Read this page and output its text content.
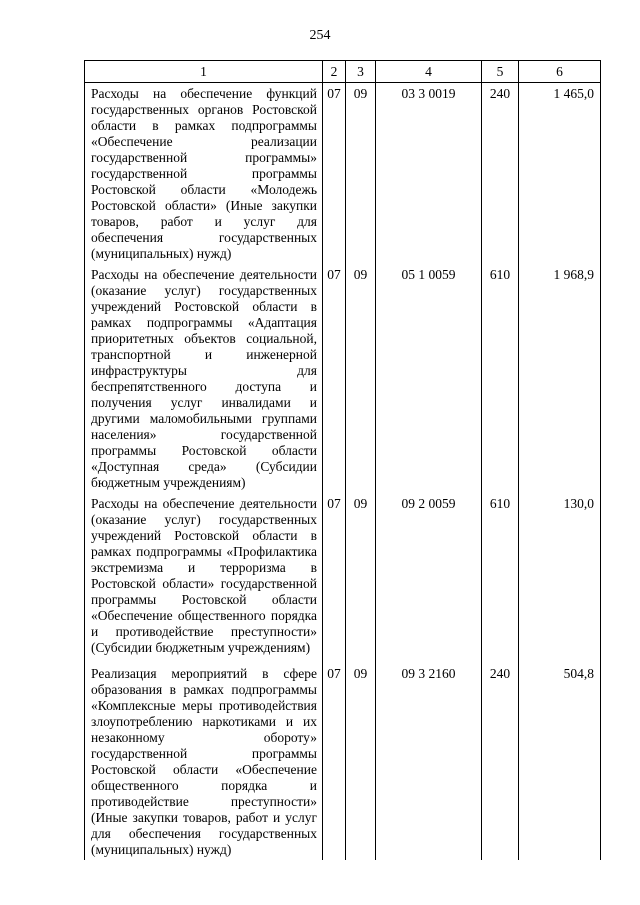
254
1	2	3	4	5	6
Расходы на обеспечение функций государственных органов Ростовской области в рамках подпрограммы «Обеспечение реализации государственной программы» государственной программы Ростовской области «Молодежь Ростовской области» (Иные закупки товаров, работ и услуг для обеспечения государственных (муниципальных) нужд)	07	09	03 3 0019	240	1 465,0
Расходы на обеспечение деятельности (оказание услуг) государственных учреждений Ростовской области в рамках подпрограммы «Адаптация приоритетных объектов социальной, транспортной и инженерной инфраструктуры для беспрепятственного доступа и получения услуг инвалидами и другими маломобильными группами населения» государственной программы Ростовской области «Доступная среда» (Субсидии бюджетным учреждениям)	07	09	05 1 0059	610	1 968,9
Расходы на обеспечение деятельности (оказание услуг) государственных учреждений Ростовской области в рамках подпрограммы «Профилактика экстремизма и терроризма в Ростовской области» государственной программы Ростовской области «Обеспечение общественного порядка и противодействие преступности» (Субсидии бюджетным учреждениям)	07	09	09 2 0059	610	130,0
Реализация мероприятий в сфере образования в рамках подпрограммы «Комплексные меры противодействия злоупотреблению наркотиками и их незаконному обороту» государственной программы Ростовской области «Обеспечение общественного порядка и противодействие преступности» (Иные закупки товаров, работ и услуг для обеспечения государственных (муниципальных) нужд)	07	09	09 3 2160	240	504,8
